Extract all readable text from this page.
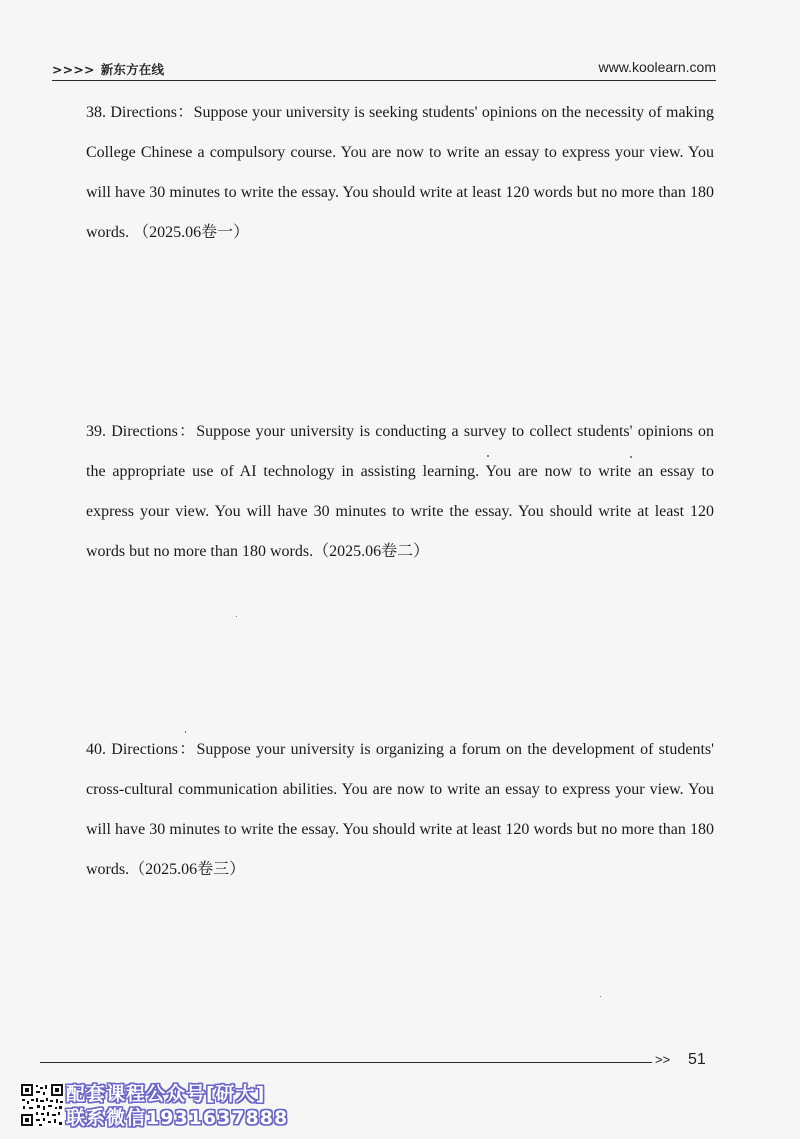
>>>> 新东方在线	www.koolearn.com
38. Directions：Suppose your university is seeking students' opinions on the necessity of making College Chinese a compulsory course. You are now to write an essay to express your view. You will have 30 minutes to write the essay. You should write at least 120 words but no more than 180 words. （2025.06卷一）
39. Directions：Suppose your university is conducting a survey to collect students' opinions on the appropriate use of AI technology in assisting learning. You are now to write an essay to express your view. You will have 30 minutes to write the essay. You should write at least 120 words but no more than 180 words.（2025.06卷二）
40. Directions：Suppose your university is organizing a forum on the development of students' cross-cultural communication abilities. You are now to write an essay to express your view. You will have 30 minutes to write the essay. You should write at least 120 words but no more than 180 words.（2025.06卷三）
>> 51
配套课程公众号[研大]
联系微信1931637888
